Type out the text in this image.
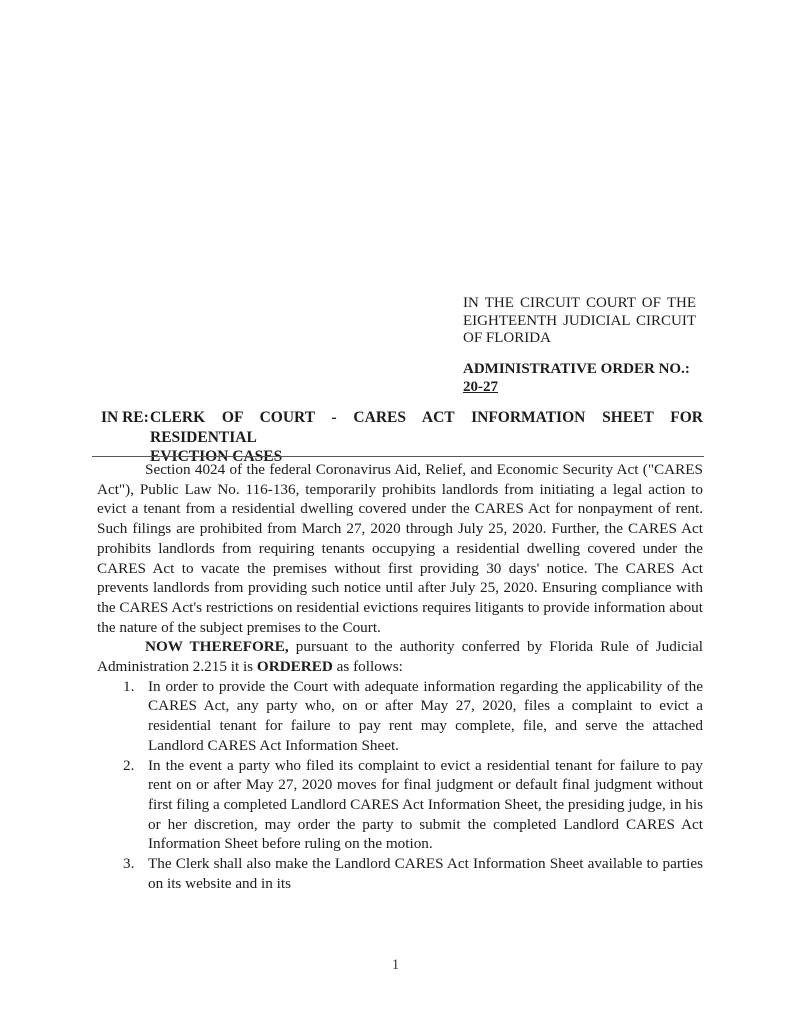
IN THE CIRCUIT COURT OF THE
EIGHTEENTH JUDICIAL CIRCUIT
OF FLORIDA
ADMINISTRATIVE ORDER NO.:
20-27
IN RE: CLERK OF COURT - CARES ACT INFORMATION SHEET FOR RESIDENTIAL
EVICTION CASES

Section 4024 of the federal Coronavirus Aid, Relief, and Economic Security Act ("CARES Act"), Public Law No. 116-136, temporarily prohibits landlords from initiating a legal action to evict a tenant from a residential dwelling covered under the CARES Act for nonpayment of rent. Such filings are prohibited from March 27, 2020 through July 25, 2020. Further, the CARES Act prohibits landlords from requiring tenants occupying a residential dwelling covered under the CARES Act to vacate the premises without first providing 30 days' notice. The CARES Act prevents landlords from providing such notice until after July 25, 2020. Ensuring compliance with the CARES Act's restrictions on residential evictions requires litigants to provide information about the nature of the subject premises to the Court.

NOW THEREFORE, pursuant to the authority conferred by Florida Rule of Judicial Administration 2.215 it is ORDERED as follows:

1. In order to provide the Court with adequate information regarding the applicability of the CARES Act, any party who, on or after May 27, 2020, files a complaint to evict a residential tenant for failure to pay rent may complete, file, and serve the attached Landlord CARES Act Information Sheet.
2. In the event a party who filed its complaint to evict a residential tenant for failure to pay rent on or after May 27, 2020 moves for final judgment or default final judgment without first filing a completed Landlord CARES Act Information Sheet, the presiding judge, in his or her discretion, may order the party to submit the completed Landlord CARES Act Information Sheet before ruling on the motion.
3. The Clerk shall also make the Landlord CARES Act Information Sheet available to parties on its website and in its
1
